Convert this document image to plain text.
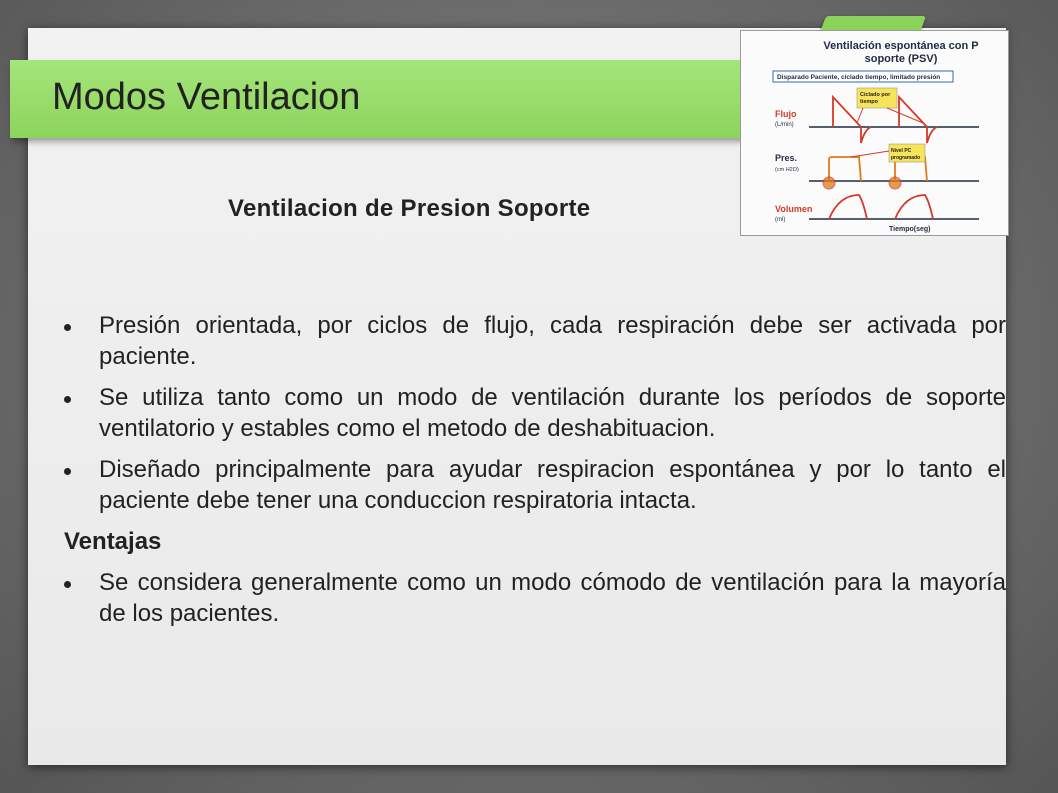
Modos Ventilacion
Ventilación espontánea con P
soporte (PSV)
Disparado Paciente, ciclado tiempo, limitado presión
Flujo
(L/min)
Ciclado por
tiempo
Pres.
(cm H2O)
Nivel PC
programado
Volumen
(ml)
Tiempo(seg)
Ventilacion de Presion Soporte
Presión orientada, por ciclos de flujo, cada respiración debe ser activada por paciente.
Se utiliza tanto como un modo de ventilación durante los períodos de soporte ventilatorio y estables como el metodo de deshabituacion.
Diseñado principalmente para ayudar respiracion espontánea y por lo tanto el paciente debe tener una conduccion respiratoria intacta.
Ventajas
Se considera generalmente como un modo cómodo de ventilación para la mayoría de los pacientes.
